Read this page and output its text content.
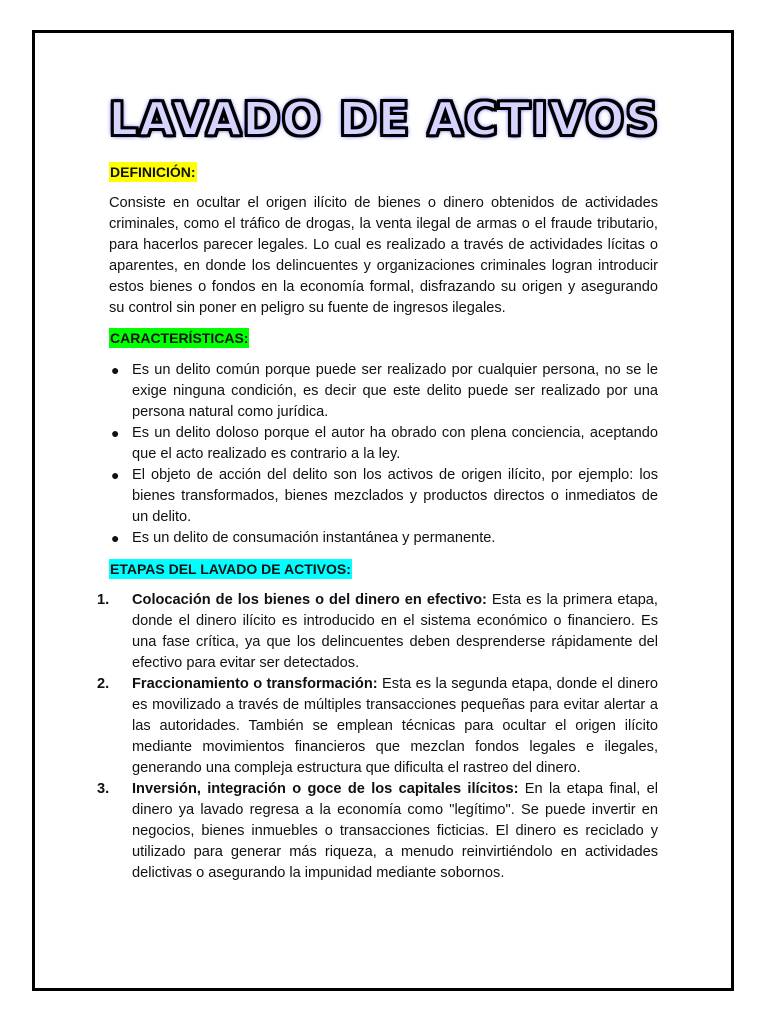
LAVADO DE ACTIVOS
DEFINICIÓN:

Consiste en ocultar el origen ilícito de bienes o dinero obtenidos de actividades criminales, como el tráfico de drogas, la venta ilegal de armas o el fraude tributario, para hacerlos parecer legales. Lo cual es realizado a través de actividades lícitas o aparentes, en donde los delincuentes y organizaciones criminales logran introducir estos bienes o fondos en la economía formal, disfrazando su origen y asegurando su control sin poner en peligro su fuente de ingresos ilegales.

CARACTERÍSTICAS:
● Es un delito común porque puede ser realizado por cualquier persona, no se le exige ninguna condición, es decir que este delito puede ser realizado por una persona natural como jurídica.
● Es un delito doloso porque el autor ha obrado con plena conciencia, aceptando que el acto realizado es contrario a la ley.
● El objeto de acción del delito son los activos de origen ilícito, por ejemplo: los bienes transformados, bienes mezclados y productos directos o inmediatos de un delito.
● Es un delito de consumación instantánea y permanente.
ETAPAS DEL LAVADO DE ACTIVOS:
1. Colocación de los bienes o del dinero en efectivo: Esta es la primera etapa, donde el dinero ilícito es introducido en el sistema económico o financiero. Es una fase crítica, ya que los delincuentes deben desprenderse rápidamente del efectivo para evitar ser detectados.
2. Fraccionamiento o transformación: Esta es la segunda etapa, donde el dinero es movilizado a través de múltiples transacciones pequeñas para evitar alertar a las autoridades. También se emplean técnicas para ocultar el origen ilícito mediante movimientos financieros que mezclan fondos legales e ilegales, generando una compleja estructura que dificulta el rastreo del dinero.
3. Inversión, integración o goce de los capitales ilícitos: En la etapa final, el dinero ya lavado regresa a la economía como "legítimo". Se puede invertir en negocios, bienes inmuebles o transacciones ficticias. El dinero es reciclado y utilizado para generar más riqueza, a menudo reinvirtiéndolo en actividades delictivas o asegurando la impunidad mediante sobornos.
